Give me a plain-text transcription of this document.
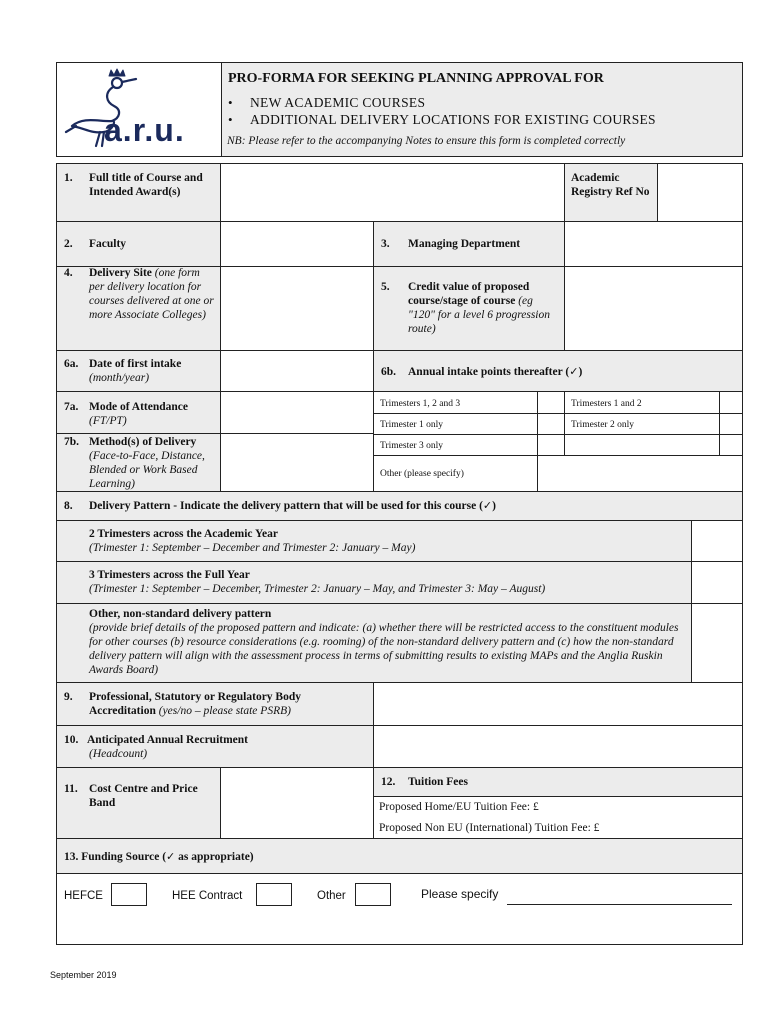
a.r.u.
PRO-FORMA FOR SEEKING PLANNING APPROVAL FOR
• NEW ACADEMIC COURSES
• ADDITIONAL DELIVERY LOCATIONS FOR EXISTING COURSES
NB: Please refer to the accompanying Notes to ensure this form is completed correctly
1. Full title of Course and Intended Award(s)
Academic Registry Ref No
2. Faculty	3. Managing Department
4. Delivery Site (one form per delivery location for courses delivered at one or more Associate Colleges)
5. Credit value of proposed course/stage of course (eg "120" for a level 6 progression route)
6a. Date of first intake
(month/year)	6b. Annual intake points thereafter (✓)
7a. Mode of Attendance
(FT/PT)
7b. Method(s) of Delivery
(Face-to-Face, Distance, Blended or Work Based Learning)
Trimesters 1, 2 and 3	Trimesters 1 and 2
Trimester 1 only	Trimester 2 only
Trimester 3 only
Other (please specify)
8. Delivery Pattern - Indicate the delivery pattern that will be used for this course (✓)
2 Trimesters across the Academic Year
(Trimester 1: September – December and Trimester 2: January – May)
3 Trimesters across the Full Year
(Trimester 1: September – December, Trimester 2: January – May, and Trimester 3: May – August)
Other, non-standard delivery pattern
(provide brief details of the proposed pattern and indicate: (a) whether there will be restricted access to the constituent modules for other courses (b) resource considerations (e.g. rooming) of the non-standard delivery pattern and (c) how the non-standard delivery pattern will align with the assessment process in terms of submitting results to existing MAPs and the Anglia Ruskin Awards Board)
9. Professional, Statutory or Regulatory Body Accreditation (yes/no – please state PSRB)
10. Anticipated Annual Recruitment
(Headcount)
11. Cost Centre and Price Band
12. Tuition Fees
Proposed Home/EU Tuition Fee: £
Proposed Non EU (International) Tuition Fee: £
13. Funding Source (✓ as appropriate)
HEFCE	HEE Contract	Other	Please specify
September 2019
